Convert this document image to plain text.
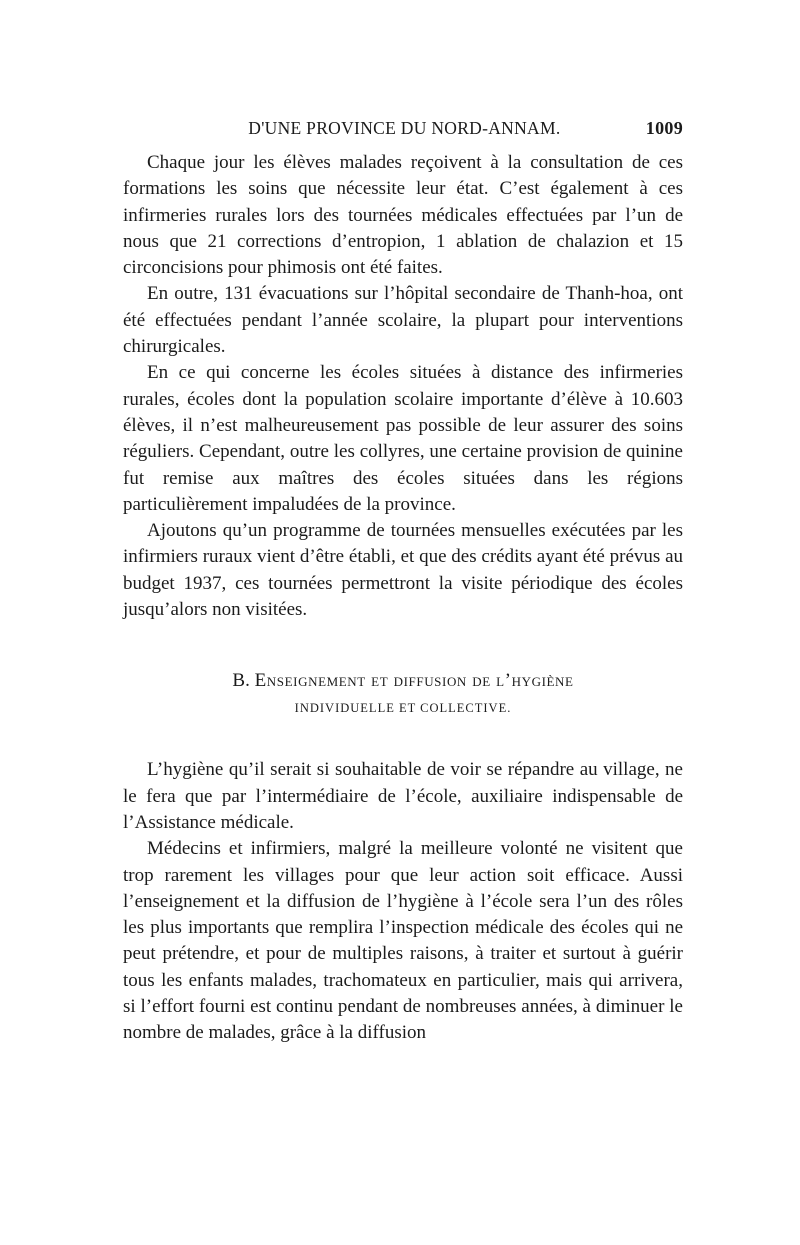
D'UNE PROVINCE DU NORD-ANNAM.	1009

Chaque jour les élèves malades reçoivent à la consultation de ces formations les soins que nécessite leur état. C’est également à ces infirmeries rurales lors des tournées médicales effectuées par l’un de nous que 21 corrections d’entropion, 1 ablation de chalazion et 15 circoncisions pour phimosis ont été faites.

En outre, 131 évacuations sur l’hôpital secondaire de Thanh-hoa, ont été effectuées pendant l’année scolaire, la plupart pour interventions chirurgicales.

En ce qui concerne les écoles situées à distance des infirmeries rurales, écoles dont la population scolaire importante d’élève à 10.603 élèves, il n’est malheureusement pas possible de leur assurer des soins réguliers. Cependant, outre les collyres, une certaine provision de quinine fut remise aux maîtres des écoles situées dans les régions particulièrement impaludées de la province.

Ajoutons qu’un programme de tournées mensuelles exécutées par les infirmiers ruraux vient d’être établi, et que des crédits ayant été prévus au budget 1937, ces tournées permettront la visite périodique des écoles jusqu’alors non visitées.

B. Enseignement et diffusion de l’hygiène
INDIVIDUELLE ET COLLECTIVE.

L’hygiène qu’il serait si souhaitable de voir se répandre au village, ne le fera que par l’intermédiaire de l’école, auxiliaire indispensable de l’Assistance médicale.

Médecins et infirmiers, malgré la meilleure volonté ne visitent que trop rarement les villages pour que leur action soit efficace. Aussi l’enseignement et la diffusion de l’hygiène à l’école sera l’un des rôles les plus importants que remplira l’inspection médicale des écoles qui ne peut prétendre, et pour de multiples raisons, à traiter et surtout à guérir tous les enfants malades, trachomateux en particulier, mais qui arrivera, si l’effort fourni est continu pendant de nombreuses années, à diminuer le nombre de malades, grâce à la diffusion
